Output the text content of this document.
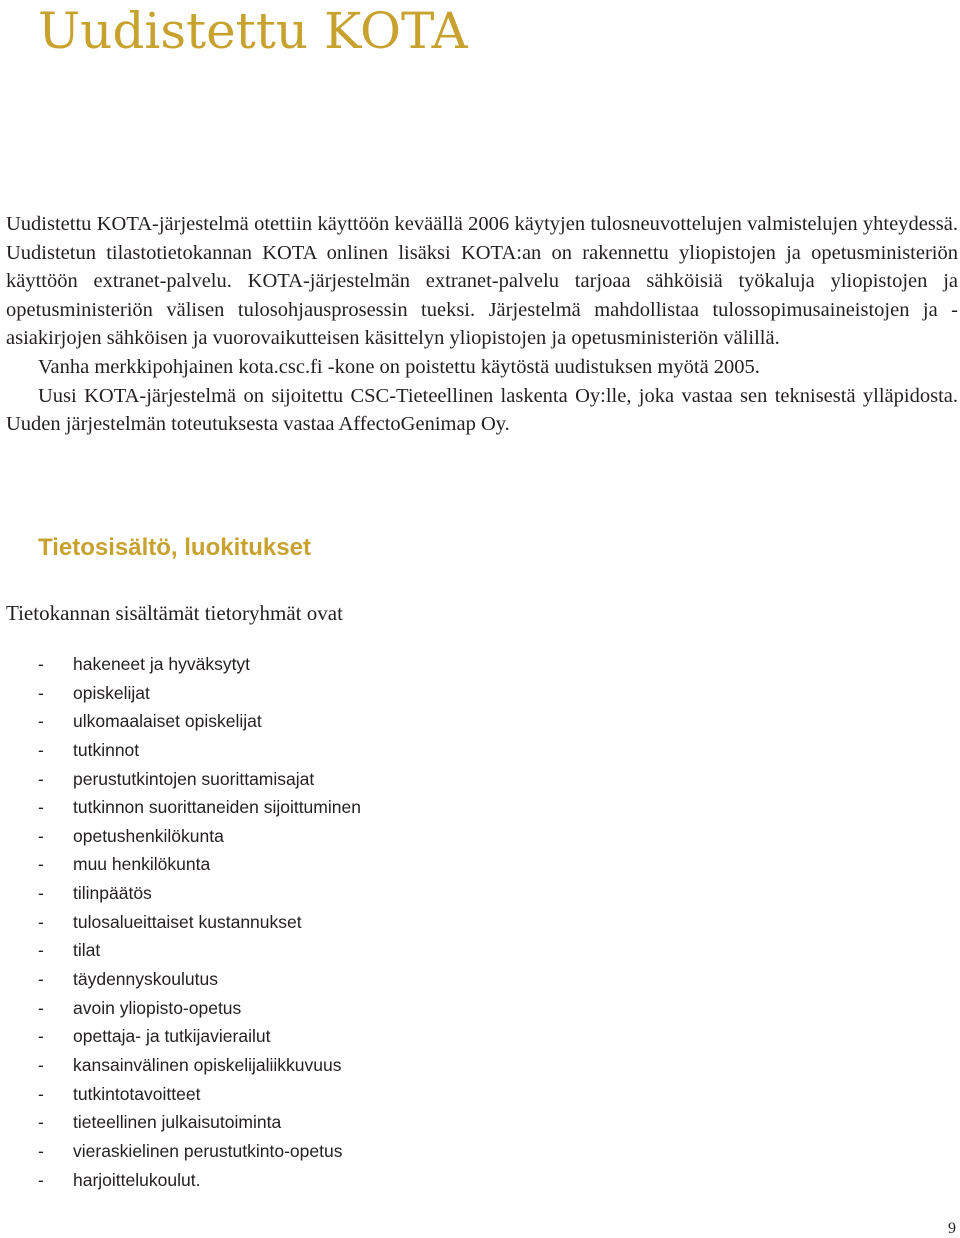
Uudistettu KOTA

Uudistettu KOTA-järjestelmä otettiin käyttöön keväällä 2006 käytyjen tulosneuvottelujen valmistelujen yhteydessä. Uudistetun tilastotietokannan KOTA onlinen lisäksi KOTA:an on rakennettu yliopistojen ja opetusministeriön käyttöön extranet-palvelu. KOTA-järjestelmän extranet-palvelu tarjoaa sähköisiä työkaluja yliopistojen ja opetusministeriön välisen tulosohjausprosessin tueksi. Järjestelmä mahdollistaa tulossopimusaineistojen ja -asiakirjojen sähköisen ja vuorovaikutteisen käsittelyn yliopistojen ja opetusministeriön välillä.

Vanha merkkipohjainen kota.csc.fi -kone on poistettu käytöstä uudistuksen myötä 2005.

Uusi KOTA-järjestelmä on sijoitettu CSC-Tieteellinen laskenta Oy:lle, joka vastaa sen teknisestä ylläpidosta. Uuden järjestelmän toteutuksesta vastaa AffectoGenimap Oy.

Tietosisältö, luokitukset

Tietokannan sisältämät tietoryhmät ovat

-	hakeneet ja hyväksytyt
-	opiskelijat
-	ulkomaalaiset opiskelijat
-	tutkinnot
-	perustutkintojen suorittamisajat
-	tutkinnon suorittaneiden sijoittuminen
-	opetushenkilökunta
-	muu henkilökunta
-	tilinpäätös
-	tulosalueittaiset kustannukset
-	tilat
-	täydennyskoulutus
-	avoin yliopisto-opetus
-	opettaja- ja tutkijavierailut
-	kansainvälinen opiskelijaliikkuvuus
-	tutkintotavoitteet
-	tieteellinen julkaisutoiminta
-	vieraskielinen perustutkinto-opetus
-	harjoittelukoulut.
9
